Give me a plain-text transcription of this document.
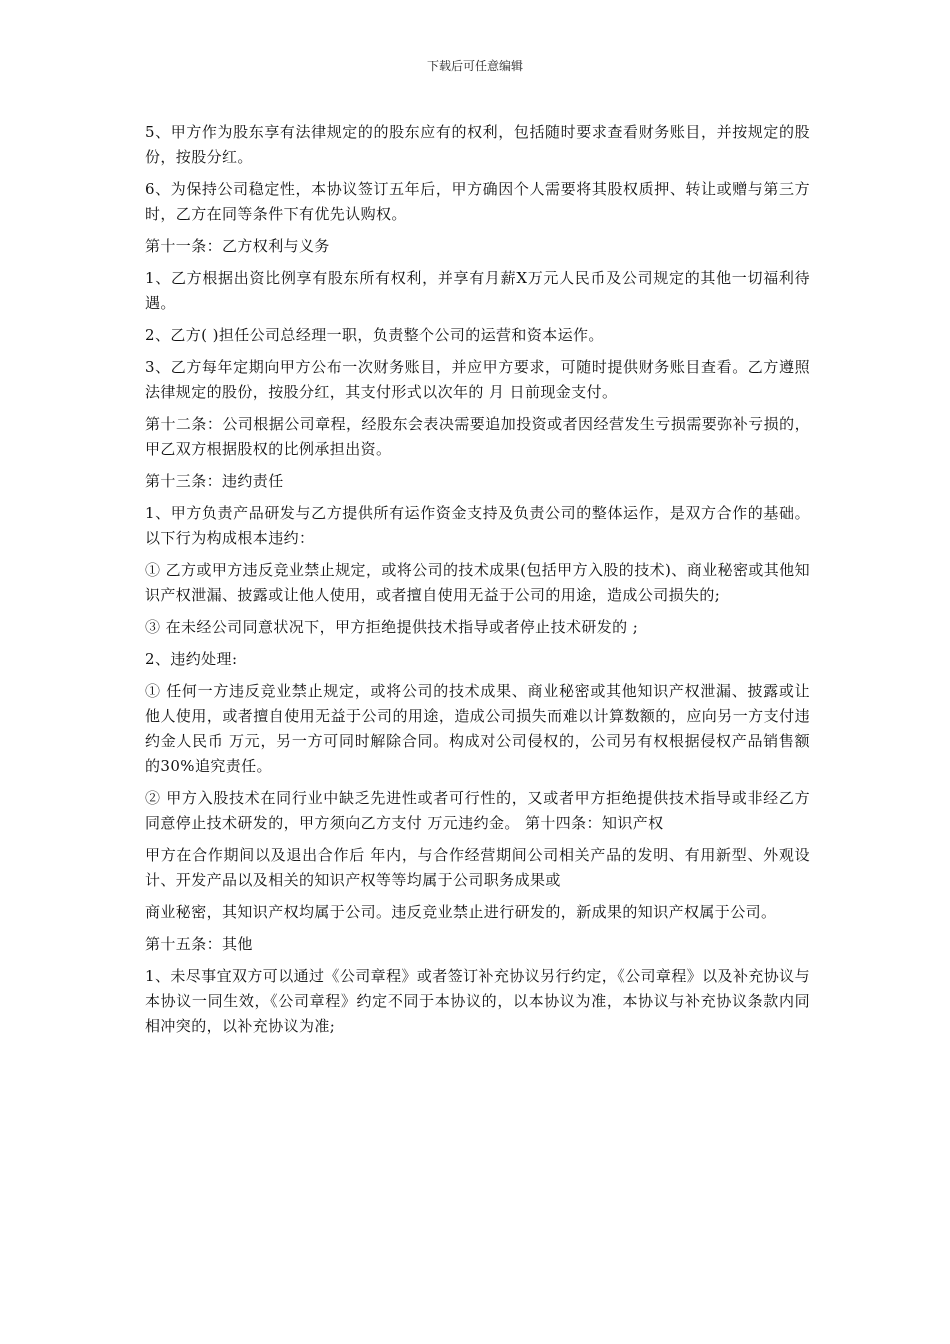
下载后可任意编辑

5、甲方作为股东享有法律规定的的股东应有的权利，包括随时要求查看财务账目，并按规定的股份，按股分红。

6、为保持公司稳定性，本协议签订五年后，甲方确因个人需要将其股权质押、转让或赠与第三方时，乙方在同等条件下有优先认购权。

第十一条：乙方权利与义务

1、乙方根据出资比例享有股东所有权利，并享有月薪X万元人民币及公司规定的其他一切福利待遇。

2、乙方( )担任公司总经理一职，负责整个公司的运营和资本运作。

3、乙方每年定期向甲方公布一次财务账目，并应甲方要求，可随时提供财务账目查看。乙方遵照法律规定的股份，按股分红，其支付形式以次年的 月 日前现金支付。

第十二条：公司根据公司章程，经股东会表决需要追加投资或者因经营发生亏损需要弥补亏损的，甲乙双方根据股权的比例承担出资。

第十三条：违约责任

1、甲方负责产品研发与乙方提供所有运作资金支持及负责公司的整体运作，是双方合作的基础。以下行为构成根本违约：

① 乙方或甲方违反竞业禁止规定，或将公司的技术成果(包括甲方入股的技术)、商业秘密或其他知识产权泄漏、披露或让他人使用，或者擅自使用无益于公司的用途，造成公司损失的;

③ 在未经公司同意状况下，甲方拒绝提供技术指导或者停止技术研发的 ;

2、违约处理:

① 任何一方违反竞业禁止规定，或将公司的技术成果、商业秘密或其他知识产权泄漏、披露或让他人使用，或者擅自使用无益于公司的用途，造成公司损失而难以计算数额的，应向另一方支付违约金人民币 万元，另一方可同时解除合同。构成对公司侵权的，公司另有权根据侵权产品销售额的30%追究责任。

② 甲方入股技术在同行业中缺乏先进性或者可行性的，又或者甲方拒绝提供技术指导或非经乙方同意停止技术研发的，甲方须向乙方支付 万元违约金。 第十四条：知识产权

甲方在合作期间以及退出合作后 年内，与合作经营期间公司相关产品的发明、有用新型、外观设计、开发产品以及相关的知识产权等等均属于公司职务成果或

商业秘密，其知识产权均属于公司。违反竞业禁止进行研发的，新成果的知识产权属于公司。

第十五条：其他

1、未尽事宜双方可以通过《公司章程》或者签订补充协议另行约定，《公司章程》以及补充协议与本协议一同生效，《公司章程》约定不同于本协议的，以本协议为准，本协议与补充协议条款内同相冲突的，以补充协议为准;
